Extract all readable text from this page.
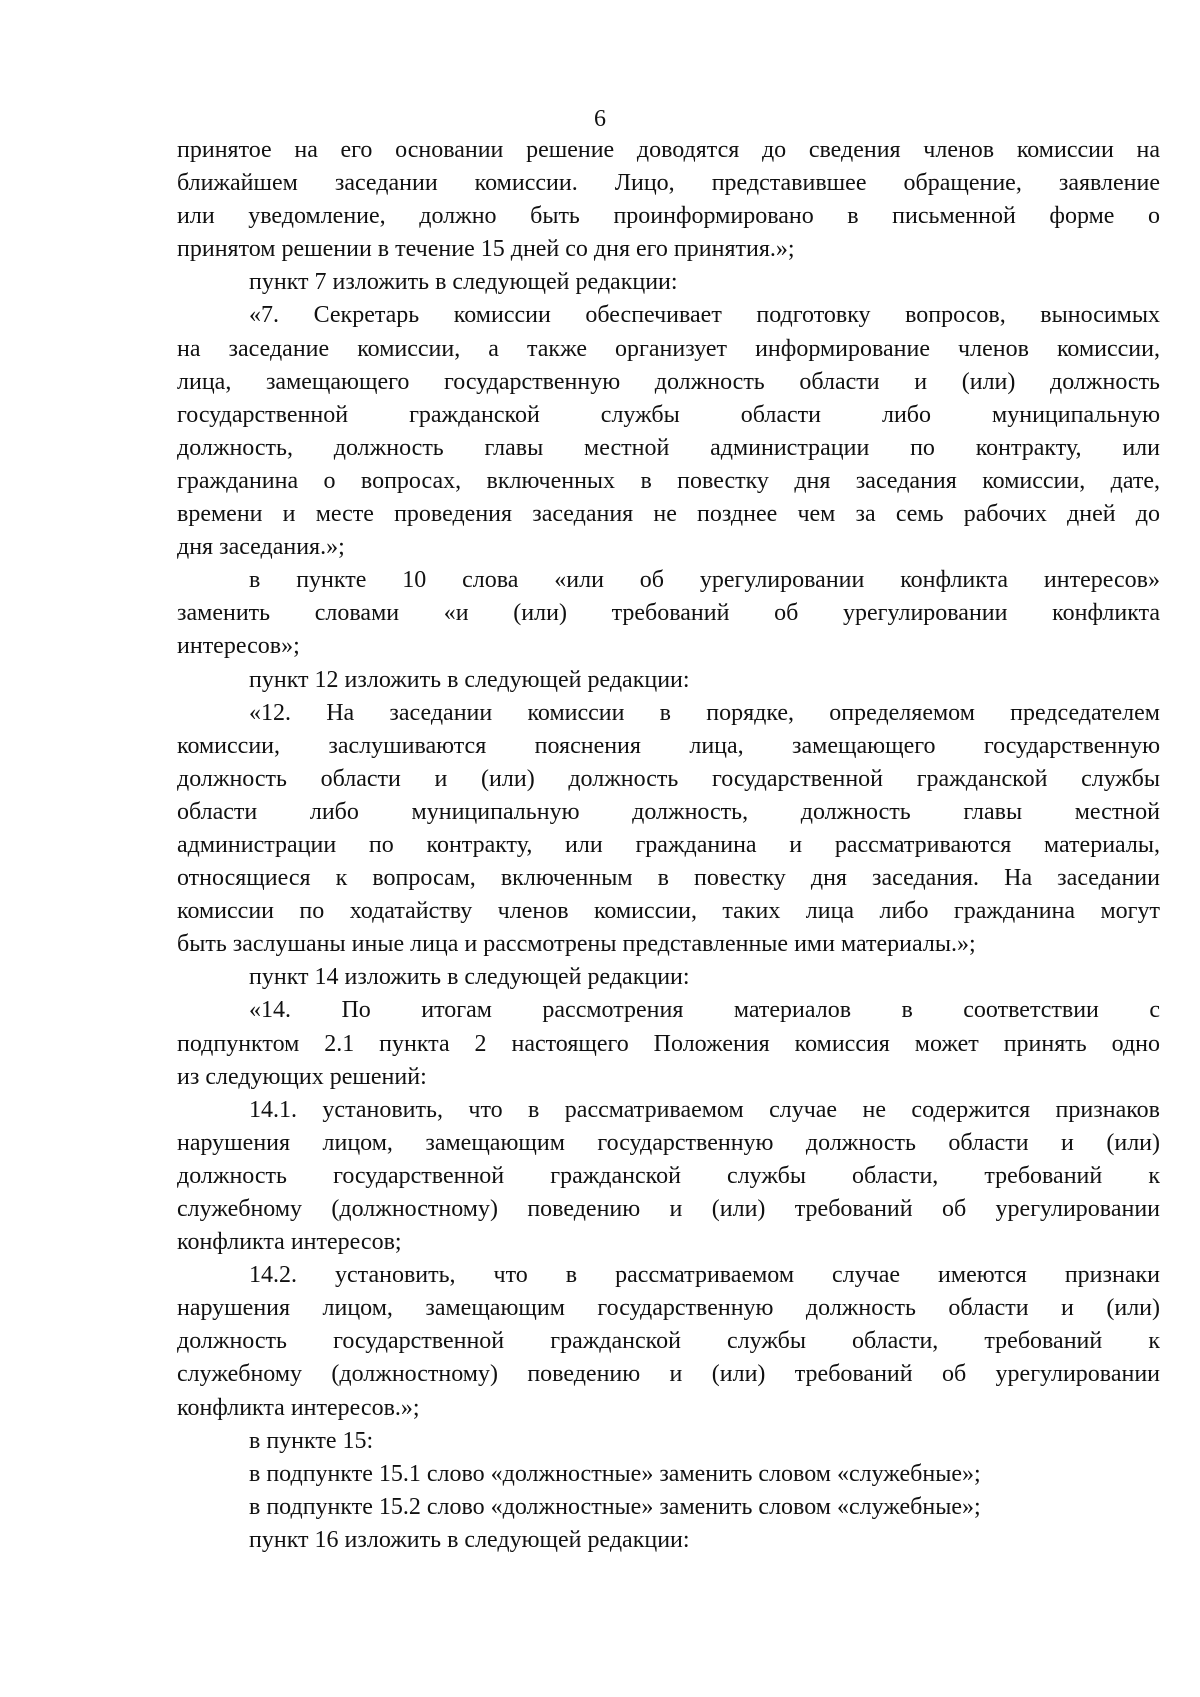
6
принятое на его основании решение доводятся до сведения членов комиссии на
ближайшем заседании комиссии. Лицо, представившее обращение, заявление
или уведомление, должно быть проинформировано в письменной форме о
принятом решении в течение 15 дней со дня его принятия.»;
пункт 7 изложить в следующей редакции:
«7. Секретарь комиссии обеспечивает подготовку вопросов, выносимых
на заседание комиссии, а также организует информирование членов комиссии,
лица, замещающего государственную должность области и (или) должность
государственной гражданской службы области либо муниципальную
должность, должность главы местной администрации по контракту, или
гражданина о вопросах, включенных в повестку дня заседания комиссии, дате,
времени и месте проведения заседания не позднее чем за семь рабочих дней до
дня заседания.»;
в пункте 10 слова «или об урегулировании конфликта интересов»
заменить словами «и (или) требований об урегулировании конфликта
интересов»;
пункт 12 изложить в следующей редакции:
«12. На заседании комиссии в порядке, определяемом председателем
комиссии, заслушиваются пояснения лица, замещающего государственную
должность области и (или) должность государственной гражданской службы
области либо муниципальную должность, должность главы местной
администрации по контракту, или гражданина и рассматриваются материалы,
относящиеся к вопросам, включенным в повестку дня заседания. На заседании
комиссии по ходатайству членов комиссии, таких лица либо гражданина могут
быть заслушаны иные лица и рассмотрены представленные ими материалы.»;
пункт 14 изложить в следующей редакции:
«14. По итогам рассмотрения материалов в соответствии с
подпунктом 2.1 пункта 2 настоящего Положения комиссия может принять одно
из следующих решений:
14.1. установить, что в рассматриваемом случае не содержится признаков
нарушения лицом, замещающим государственную должность области и (или)
должность государственной гражданской службы области, требований к
служебному (должностному) поведению и (или) требований об урегулировании
конфликта интересов;
14.2. установить, что в рассматриваемом случае имеются признаки
нарушения лицом, замещающим государственную должность области и (или)
должность государственной гражданской службы области, требований к
служебному (должностному) поведению и (или) требований об урегулировании
конфликта интересов.»;
в пункте 15:
в подпункте 15.1 слово «должностные» заменить словом «служебные»;
в подпункте 15.2 слово «должностные» заменить словом «служебные»;
пункт 16 изложить в следующей редакции:
